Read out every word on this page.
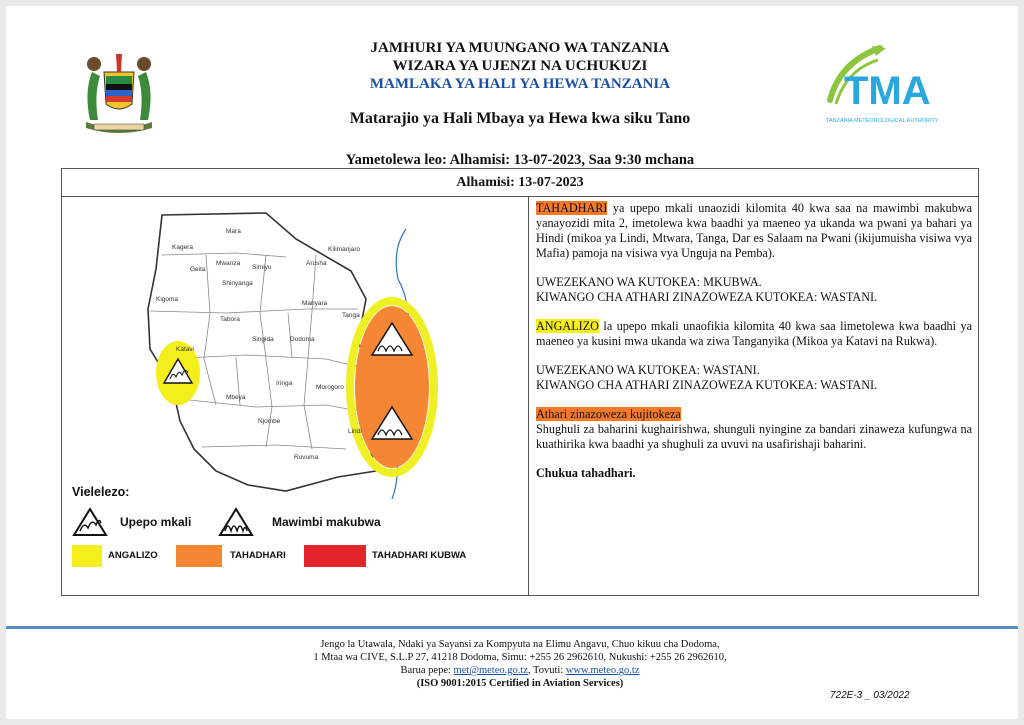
TMA
TANZANIA METEOROLOGICAL AUTHORITY
JAMHURI YA MUUNGANO WA TANZANIA
WIZARA YA UJENZI NA UCHUKUZI
MAMLAKA YA HALI YA HEWA TANZANIA
Matarajio ya Hali Mbaya ya Hewa kwa siku Tano
Yametolewa leo: Alhamisi: 13-07-2023, Saa 9:30 mchana
Alhamisi: 13-07-2023
Mara
Kagera
Geita
Mwanza
Simiyu
Shinyanga
Kigoma
Tabora
Singida
Katavi
Arusha
Kilimanjaro
Manyara
Dodoma
Tanga
Iringa
Mbeya
Njombe
Morogoro
Ruvuma
Lindi
Vielelezo:
Upepo mkali	Mawimbi makubwa
ANGALIZO	TAHADHARI	TAHADHARI KUBWA

TAHADHARI ya upepo mkali unaozidi kilomita 40 kwa saa na mawimbi makubwa yanayozidi mita 2, imetolewa kwa baadhi ya maeneo ya ukanda wa pwani ya bahari ya Hindi (mikoa ya Lindi, Mtwara, Tanga, Dar es Salaam na Pwani (ikijumuisha visiwa vya Mafia) pamoja na visiwa vya Unguja na Pemba).

UWEZEKANO WA KUTOKEA: MKUBWA.
KIWANGO CHA ATHARI ZINAZOWEZA KUTOKEA: WASTANI.

ANGALIZO la upepo mkali unaofikia kilomita 40 kwa saa limetolewa kwa baadhi ya maeneo ya kusini mwa ukanda wa ziwa Tanganyika (Mikoa ya Katavi na Rukwa).

UWEZEKANO WA KUTOKEA: WASTANI.
KIWANGO CHA ATHARI ZINAZOWEZA KUTOKEA: WASTANI.

Athari zinazoweza kujitokeza
Shughuli za baharini kughairishwa, shunguli nyingine za bandari zinaweza kufungwa na kuathirika kwa baadhi ya shughuli za uvuvi na usafirishaji baharini.

Chukua tahadhari.

Jengo la Utawala, Ndaki ya Sayansi za Kompyuta na Elimu Angavu, Chuo kikuu cha Dodoma,
1 Mtaa wa CIVE, S.L.P 27, 41218 Dodoma, Simu: +255 26 2962610, Nukushi: +255 26 2962610,
Barua pepe: met@meteo.go.tz, Tovuti: www.meteo.go.tz
(ISO 9001:2015 Certified in Aviation Services)
722E-3 _ 03/2022
